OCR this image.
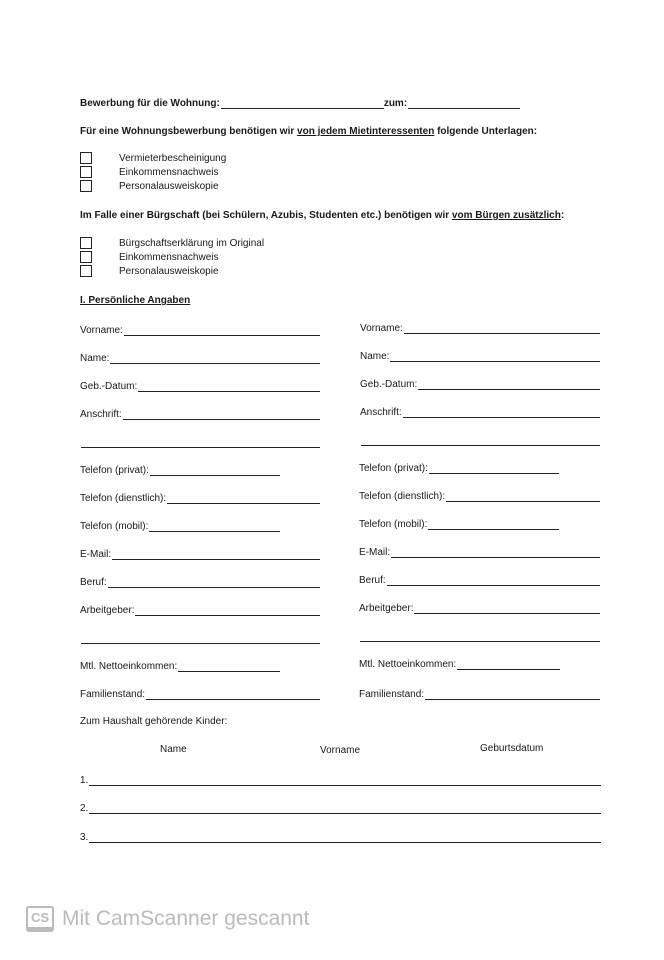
Bewerbung für die Wohnung:	zum:
Für eine Wohnungsbewerbung benötigen wir von jedem Mietinteressenten folgende Unterlagen:
Vermieterbescheinigung
Einkommensnachweis
Personalausweiskopie
Im Falle einer Bürgschaft (bei Schülern, Azubis, Studenten etc.) benötigen wir vom Bürgen zusätzlich:
Bürgschaftserklärung im Original
Einkommensnachweis
Personalausweiskopie
I. Persönliche Angaben
Vorname:
Name:
Geb.-Datum:
Anschrift:
Telefon (privat):
Telefon (dienstlich):
Telefon (mobil):
E-Mail:
Beruf:
Arbeitgeber:
Mtl. Nettoeinkommen:
Familienstand:
Vorname:
Name:
Geb.-Datum:
Anschrift:
Telefon (privat):
Telefon (dienstlich):
Telefon (mobil):
E-Mail:
Beruf:
Arbeitgeber:
Mtl. Nettoeinkommen:
Familienstand:
Zum Haushalt gehörende Kinder:
Name	Vorname	Geburtsdatum
1.
2.
3.
CS Mit CamScanner gescannt
